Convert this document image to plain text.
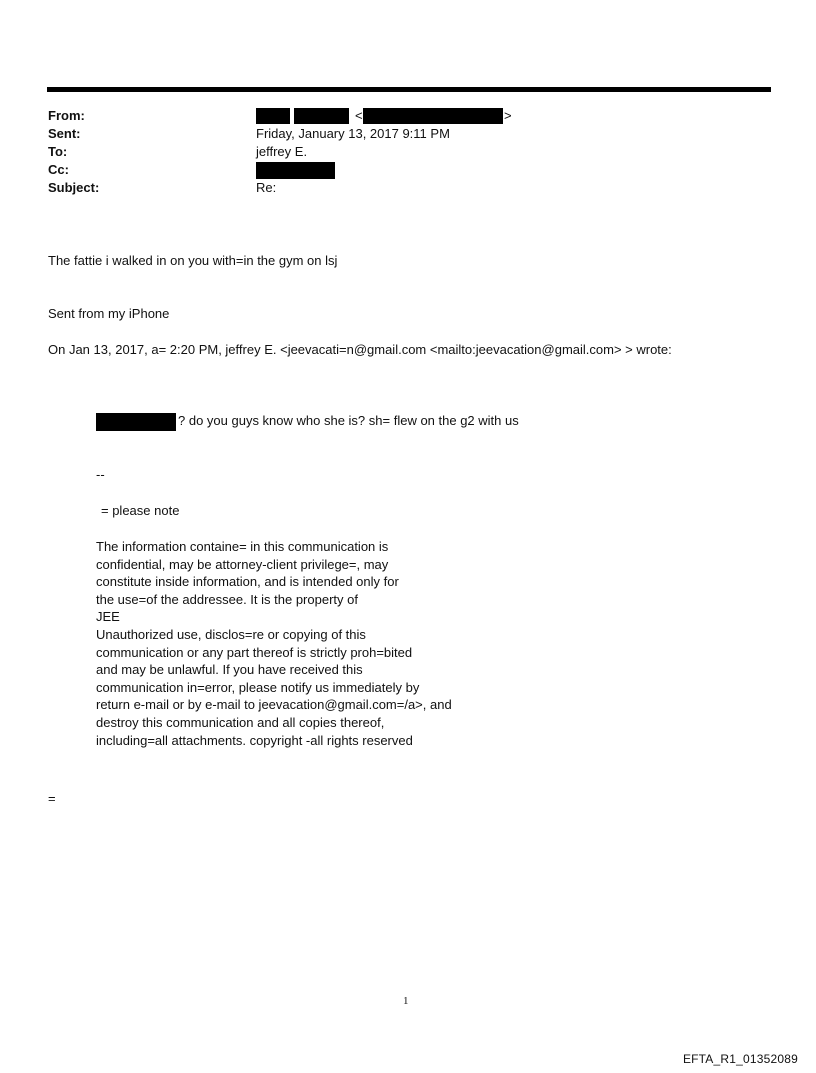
From:	<	>
Sent:	Friday, January 13, 2017 9:11 PM
To:	jeffrey E.
Cc:
Subject:	Re:
The fattie i walked in on you with=in the gym on lsj
Sent from my iPhone
On Jan 13, 2017, a= 2:20 PM, jeffrey E. <jeevacati=n@gmail.com <mailto:jeevacation@gmail.com> > wrote:
? do you guys know who she is? sh= flew on the g2 with us
--
= please note
The information containe= in this communication is
confidential, may be attorney-client privilege=, may
constitute inside information, and is intended only for
the use=of the addressee. It is the property of
JEE
Unauthorized use, disclos=re or copying of this
communication or any part thereof is strictly proh=bited
and may be unlawful. If you have received this
communication in=error, please notify us immediately by
return e-mail or by e-mail to jeevacation@gmail.com=/a>, and
destroy this communication and all copies thereof,
including=all attachments. copyright -all rights reserved
=
1
EFTA_R1_01352089
